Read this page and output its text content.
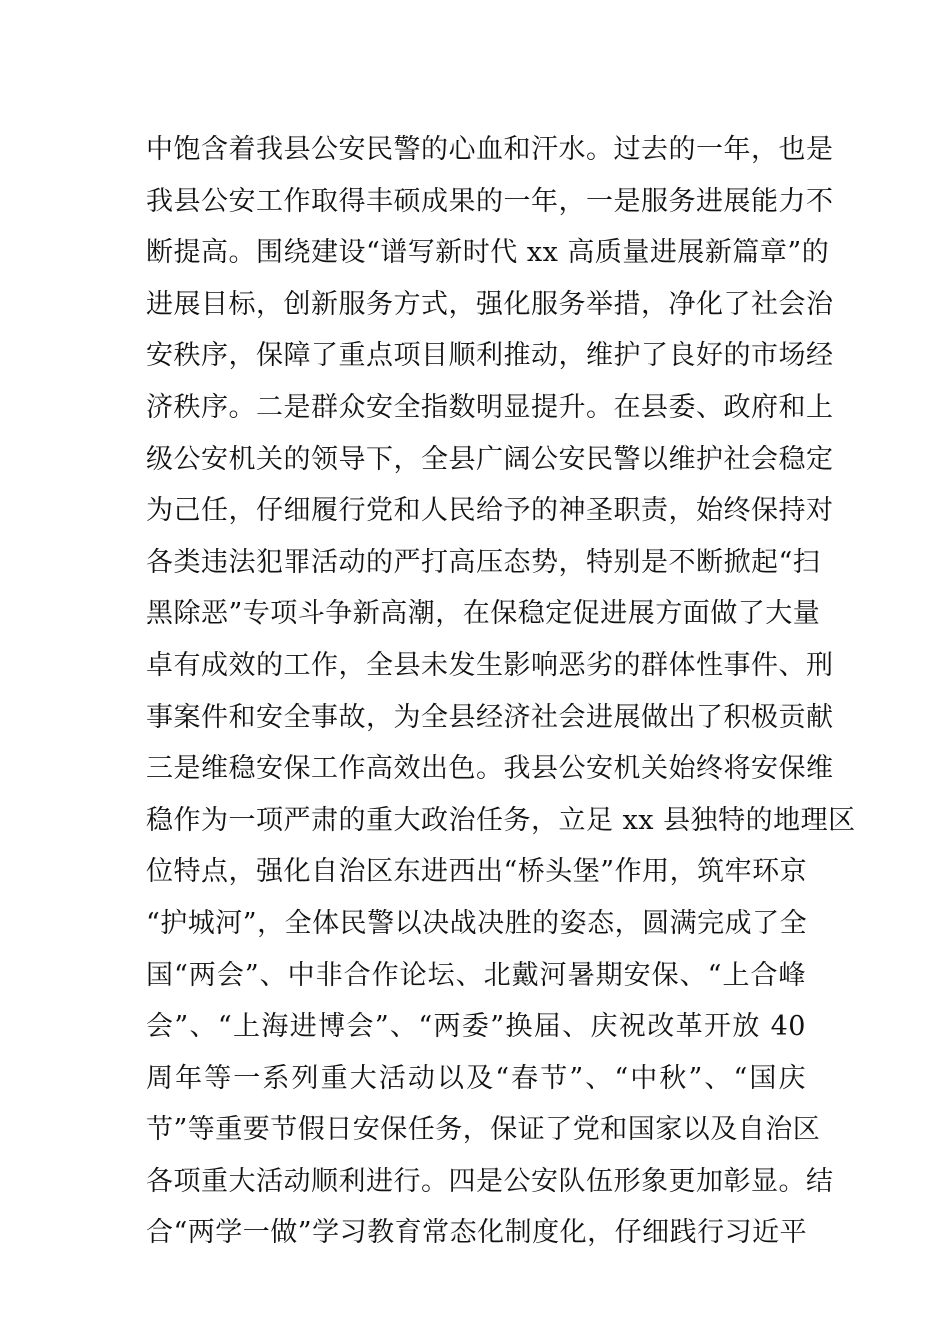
中饱含着我县公安民警的心血和汗水。过去的一年，也是
我县公安工作取得丰硕成果的一年，一是服务进展能力不
断提高。围绕建设“谱写新时代 xx 高质量进展新篇章”的
进展目标，创新服务方式，强化服务举措，净化了社会治
安秩序，保障了重点项目顺利推动，维护了良好的市场经
济秩序。二是群众安全指数明显提升。在县委、政府和上
级公安机关的领导下，全县广阔公安民警以维护社会稳定
为己任，仔细履行党和人民给予的神圣职责，始终保持对
各类违法犯罪活动的严打高压态势，特别是不断掀起“扫
黑除恶”专项斗争新高潮，在保稳定促进展方面做了大量
卓有成效的工作，全县未发生影响恶劣的群体性事件、刑
事案件和安全事故，为全县经济社会进展做出了积极贡献
三是维稳安保工作高效出色。我县公安机关始终将安保维
稳作为一项严肃的重大政治任务，立足 xx 县独特的地理区
位特点，强化自治区东进西出“桥头堡”作用，筑牢环京
“护城河”，全体民警以决战决胜的姿态，圆满完成了全
国“两会”、中非合作论坛、北戴河暑期安保、“上合峰
会”、“上海进博会”、“两委”换届、庆祝改革开放 40
周年等一系列重大活动以及“春节”、“中秋”、“国庆
节”等重要节假日安保任务，保证了党和国家以及自治区
各项重大活动顺利进行。四是公安队伍形象更加彰显。结
合“两学一做”学习教育常态化制度化，仔细践行习近平
